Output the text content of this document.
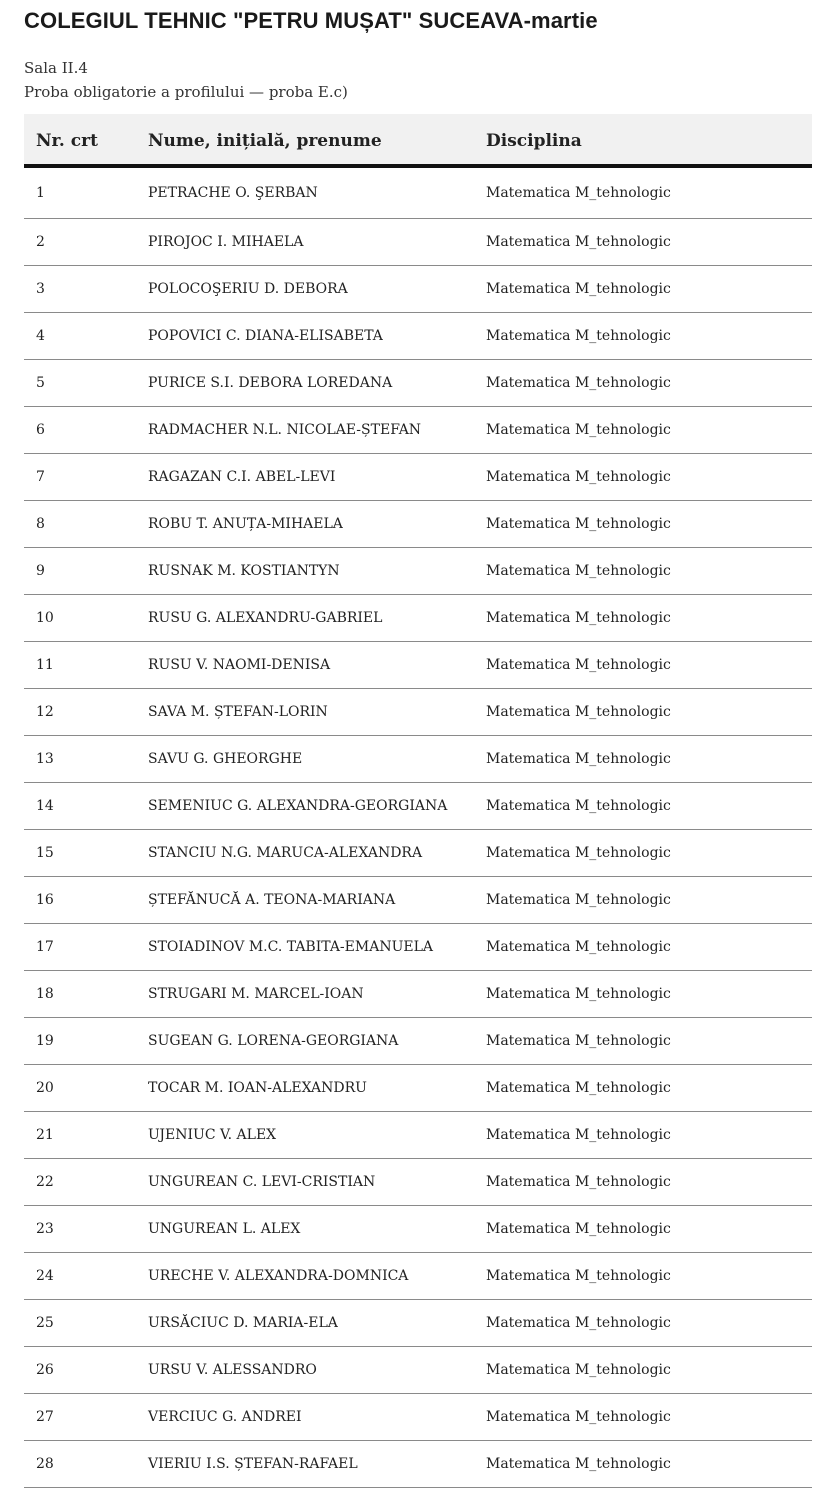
COLEGIUL TEHNIC "PETRU MUȘAT" SUCEAVA-martie
Sala II.4
Proba obligatorie a profilului — proba E.c)
Nr. crt	Nume, inițială, prenume	Disciplina
1	PETRACHE O. ŞERBAN	Matematica M_tehnologic
2	PIROJOC I. MIHAELA	Matematica M_tehnologic
3	POLOCOŞERIU D. DEBORA	Matematica M_tehnologic
4	POPOVICI C. DIANA-ELISABETA	Matematica M_tehnologic
5	PURICE S.I. DEBORA LOREDANA	Matematica M_tehnologic
6	RADMACHER N.L. NICOLAE-ȘTEFAN	Matematica M_tehnologic
7	RAGAZAN C.I. ABEL-LEVI	Matematica M_tehnologic
8	ROBU T. ANUȚA-MIHAELA	Matematica M_tehnologic
9	RUSNAK M. KOSTIANTYN	Matematica M_tehnologic
10	RUSU G. ALEXANDRU-GABRIEL	Matematica M_tehnologic
11	RUSU V. NAOMI-DENISA	Matematica M_tehnologic
12	SAVA M. ȘTEFAN-LORIN	Matematica M_tehnologic
13	SAVU G. GHEORGHE	Matematica M_tehnologic
14	SEMENIUC G. ALEXANDRA-GEORGIANA	Matematica M_tehnologic
15	STANCIU N.G. MARUCA-ALEXANDRA	Matematica M_tehnologic
16	ȘTEFĂNUCĂ A. TEONA-MARIANA	Matematica M_tehnologic
17	STOIADINOV M.C. TABITA-EMANUELA	Matematica M_tehnologic
18	STRUGARI M. MARCEL-IOAN	Matematica M_tehnologic
19	SUGEAN G. LORENA-GEORGIANA	Matematica M_tehnologic
20	TOCAR M. IOAN-ALEXANDRU	Matematica M_tehnologic
21	UJENIUC V. ALEX	Matematica M_tehnologic
22	UNGUREAN C. LEVI-CRISTIAN	Matematica M_tehnologic
23	UNGUREAN L. ALEX	Matematica M_tehnologic
24	URECHE V. ALEXANDRA-DOMNICA	Matematica M_tehnologic
25	URSĂCIUC D. MARIA-ELA	Matematica M_tehnologic
26	URSU V. ALESSANDRO	Matematica M_tehnologic
27	VERCIUC G. ANDREI	Matematica M_tehnologic
28	VIERIU I.S. ȘTEFAN-RAFAEL	Matematica M_tehnologic
